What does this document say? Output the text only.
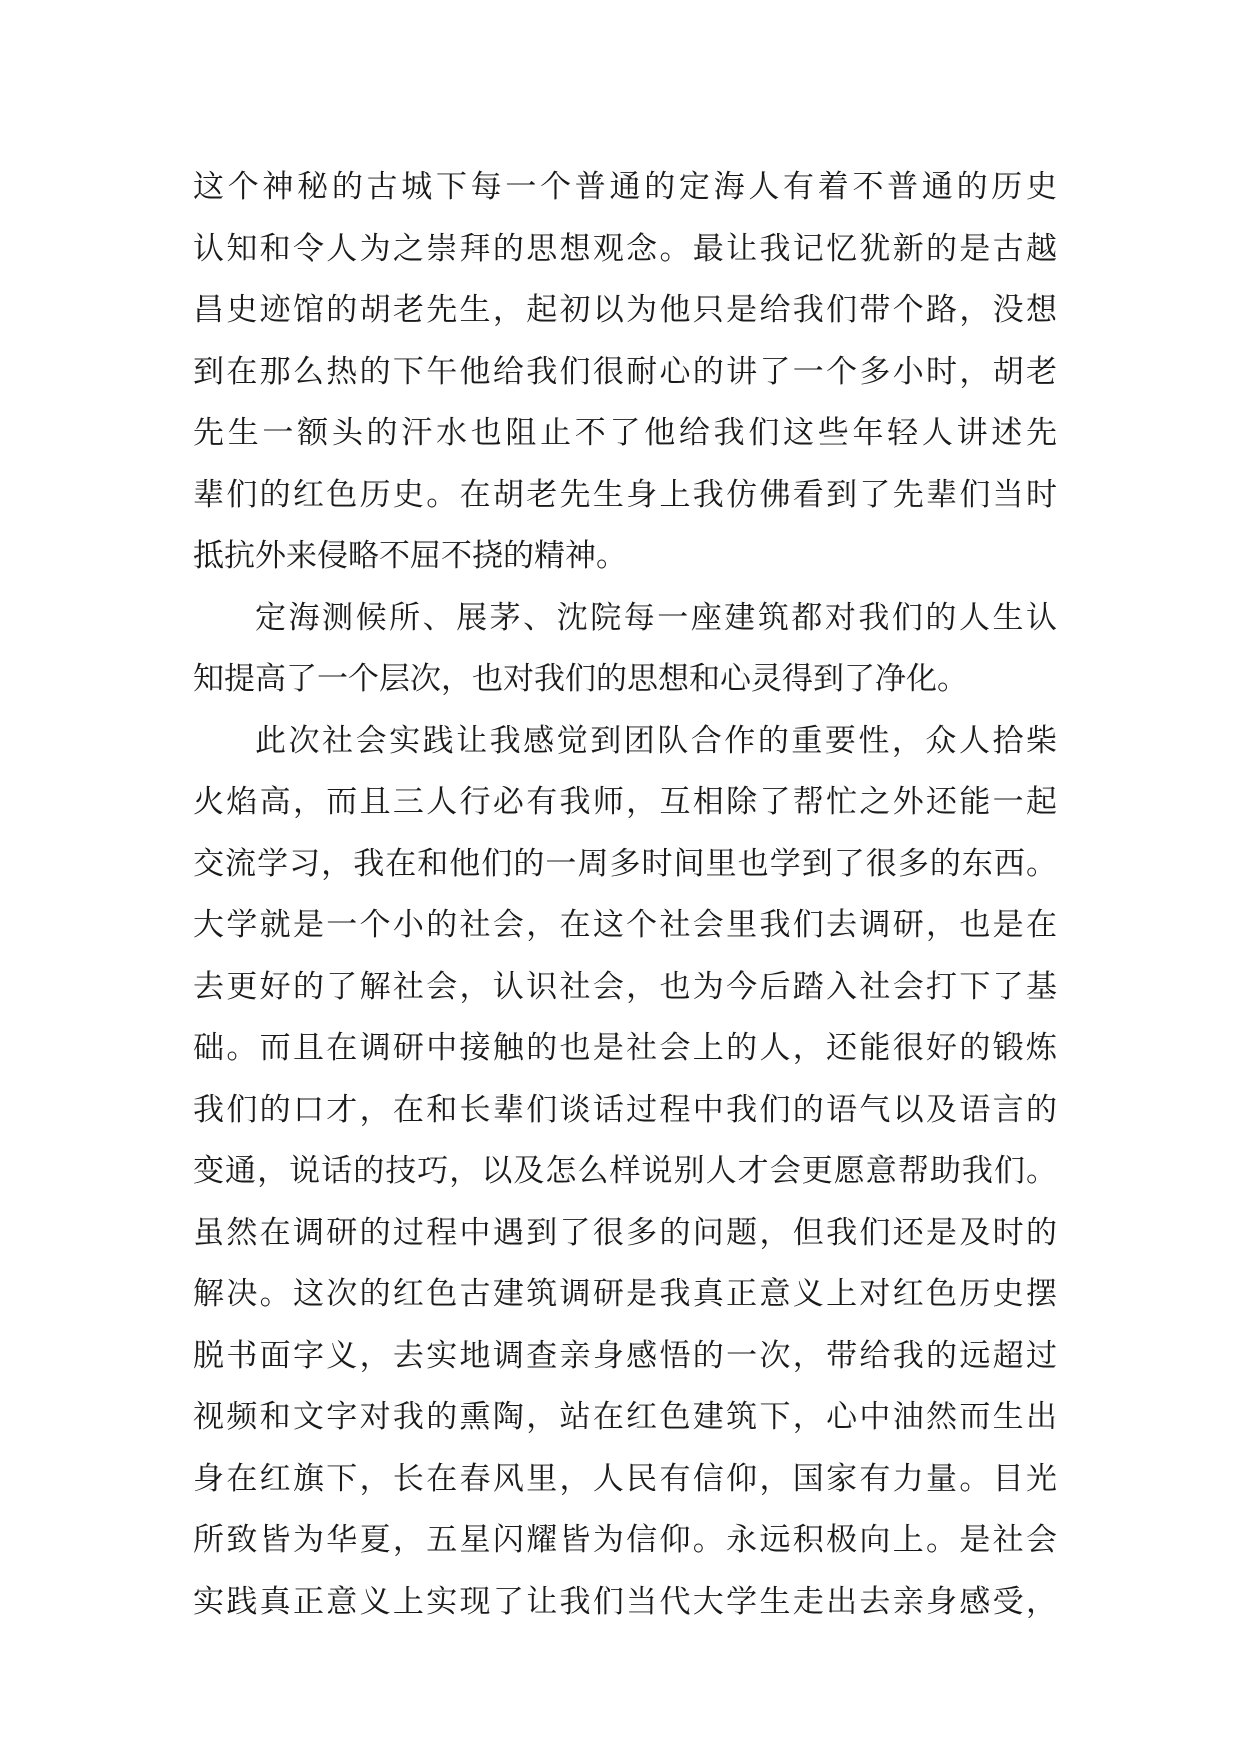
这个神秘的古城下每一个普通的定海人有着不普通的历史
认知和令人为之崇拜的思想观念。最让我记忆犹新的是古越
昌史迹馆的胡老先生，起初以为他只是给我们带个路，没想
到在那么热的下午他给我们很耐心的讲了一个多小时，胡老
先生一额头的汗水也阻止不了他给我们这些年轻人讲述先
辈们的红色历史。在胡老先生身上我仿佛看到了先辈们当时
抵抗外来侵略不屈不挠的精神。
定海测候所、展茅、沈院每一座建筑都对我们的人生认
知提高了一个层次，也对我们的思想和心灵得到了净化。
此次社会实践让我感觉到团队合作的重要性，众人拾柴
火焰高，而且三人行必有我师，互相除了帮忙之外还能一起
交流学习，我在和他们的一周多时间里也学到了很多的东西。
大学就是一个小的社会，在这个社会里我们去调研，也是在
去更好的了解社会，认识社会，也为今后踏入社会打下了基
础。而且在调研中接触的也是社会上的人，还能很好的锻炼
我们的口才，在和长辈们谈话过程中我们的语气以及语言的
变通，说话的技巧，以及怎么样说别人才会更愿意帮助我们。
虽然在调研的过程中遇到了很多的问题，但我们还是及时的
解决。这次的红色古建筑调研是我真正意义上对红色历史摆
脱书面字义，去实地调查亲身感悟的一次，带给我的远超过
视频和文字对我的熏陶，站在红色建筑下，心中油然而生出
身在红旗下，长在春风里，人民有信仰，国家有力量。目光
所致皆为华夏，五星闪耀皆为信仰。永远积极向上。是社会
实践真正意义上实现了让我们当代大学生走出去亲身感受，
